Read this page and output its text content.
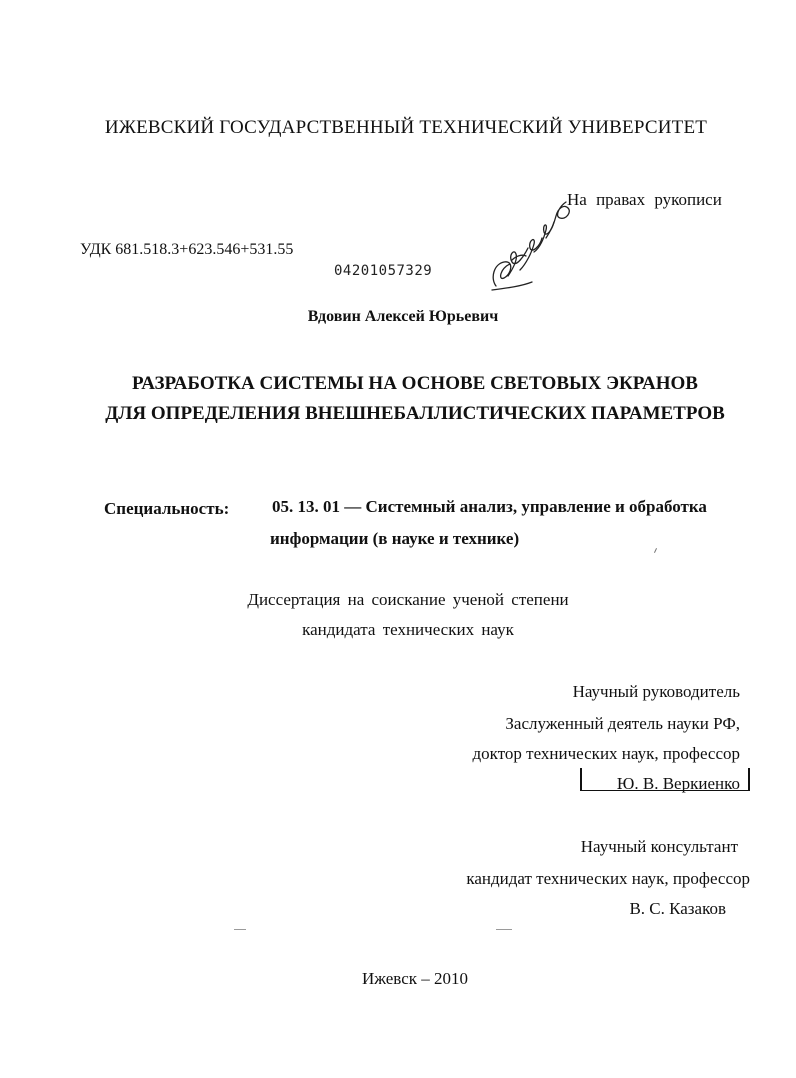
ИЖЕВСКИЙ ГОСУДАРСТВЕННЫЙ ТЕХНИЧЕСКИЙ УНИВЕРСИТЕТ
На правах рукописи
УДК 681.518.3+623.546+531.55
04201057329
Вдовин Алексей Юрьевич
РАЗРАБОТКА СИСТЕМЫ НА ОСНОВЕ СВЕТОВЫХ ЭКРАНОВ
ДЛЯ ОПРЕДЕЛЕНИЯ ВНЕШНЕБАЛЛИСТИЧЕСКИХ ПАРАМЕТРОВ
Специальность:	05. 13. 01 — Системный анализ, управление и обработка
информации (в науке и технике)
Диссертация на соискание ученой степени
кандидата технических наук
Научный руководитель
Заслуженный деятель науки РФ,
доктор технических наук, профессор
Ю. В. Веркиенко
Научный консультант
кандидат технических наук, профессор
В. С. Казаков
Ижевск – 2010
